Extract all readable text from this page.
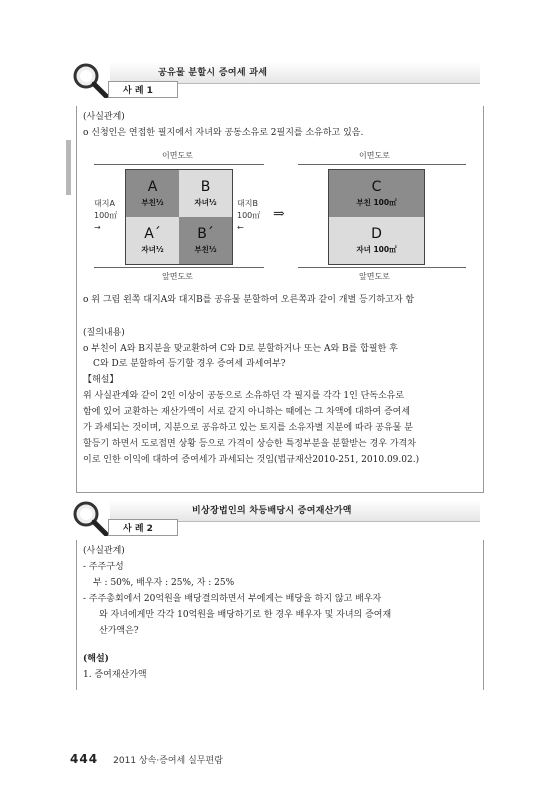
공유물 분할시 증여세 과세
사 례 1
(사실관계)
o 신청인은 연접한 필지에서 자녀와 공동소유로 2필지를 소유하고 있음.
o 위 그림 왼쪽 대지A와 대지B를 공유물 분할하여 오른쪽과 같이 개별 등기하고자 함
(질의내용)
o 부친이 A와 B지분을 맞교환하여 C와 D로 분할하거나 또는 A와 B를 합필한 후
C와 D로 분할하여 등기할 경우 증여세 과세여부?
【해설】
위 사실관계와 같이 2인 이상이 공동으로 소유하던 각 필지를 각각 1인 단독소유로
함에 있어 교환하는 재산가액이 서로 같지 아니하는 때에는 그 차액에 대하여 증여세
가 과세되는 것이며, 지분으로 공유하고 있는 토지를 소유자별 지분에 따라 공유물 분
할등기 하면서 도로접면 상황 등으로 가격이 상승한 특정부분을 분할받는 경우 가격차
이로 인한 이익에 대하여 증여세가 과세되는 것임(법규재산2010-251, 2010.09.02.)
이면도로	이면도로
A
부친½
B
자녀½
A´
자녀½
B´
부친½
대지A
100㎡
→
대지B
100㎡
←
⇒
C
부친 100㎡
D
자녀 100㎡
앞면도로	앞면도로
비상장법인의 차등배당시 증여재산가액
사 례 2
(사실관계)
- 주주구성
부 : 50%, 배우자 : 25%, 자 : 25%
- 주주총회에서 20억원을 배당결의하면서 부에게는 배당을 하지 않고 배우자
와 자녀에게만 각각 10억원을 배당하기로 한 경우 배우자 및 자녀의 증여재
산가액은?
(해설)
1. 증여재산가액
444 2011 상속·증여세 실무편람
